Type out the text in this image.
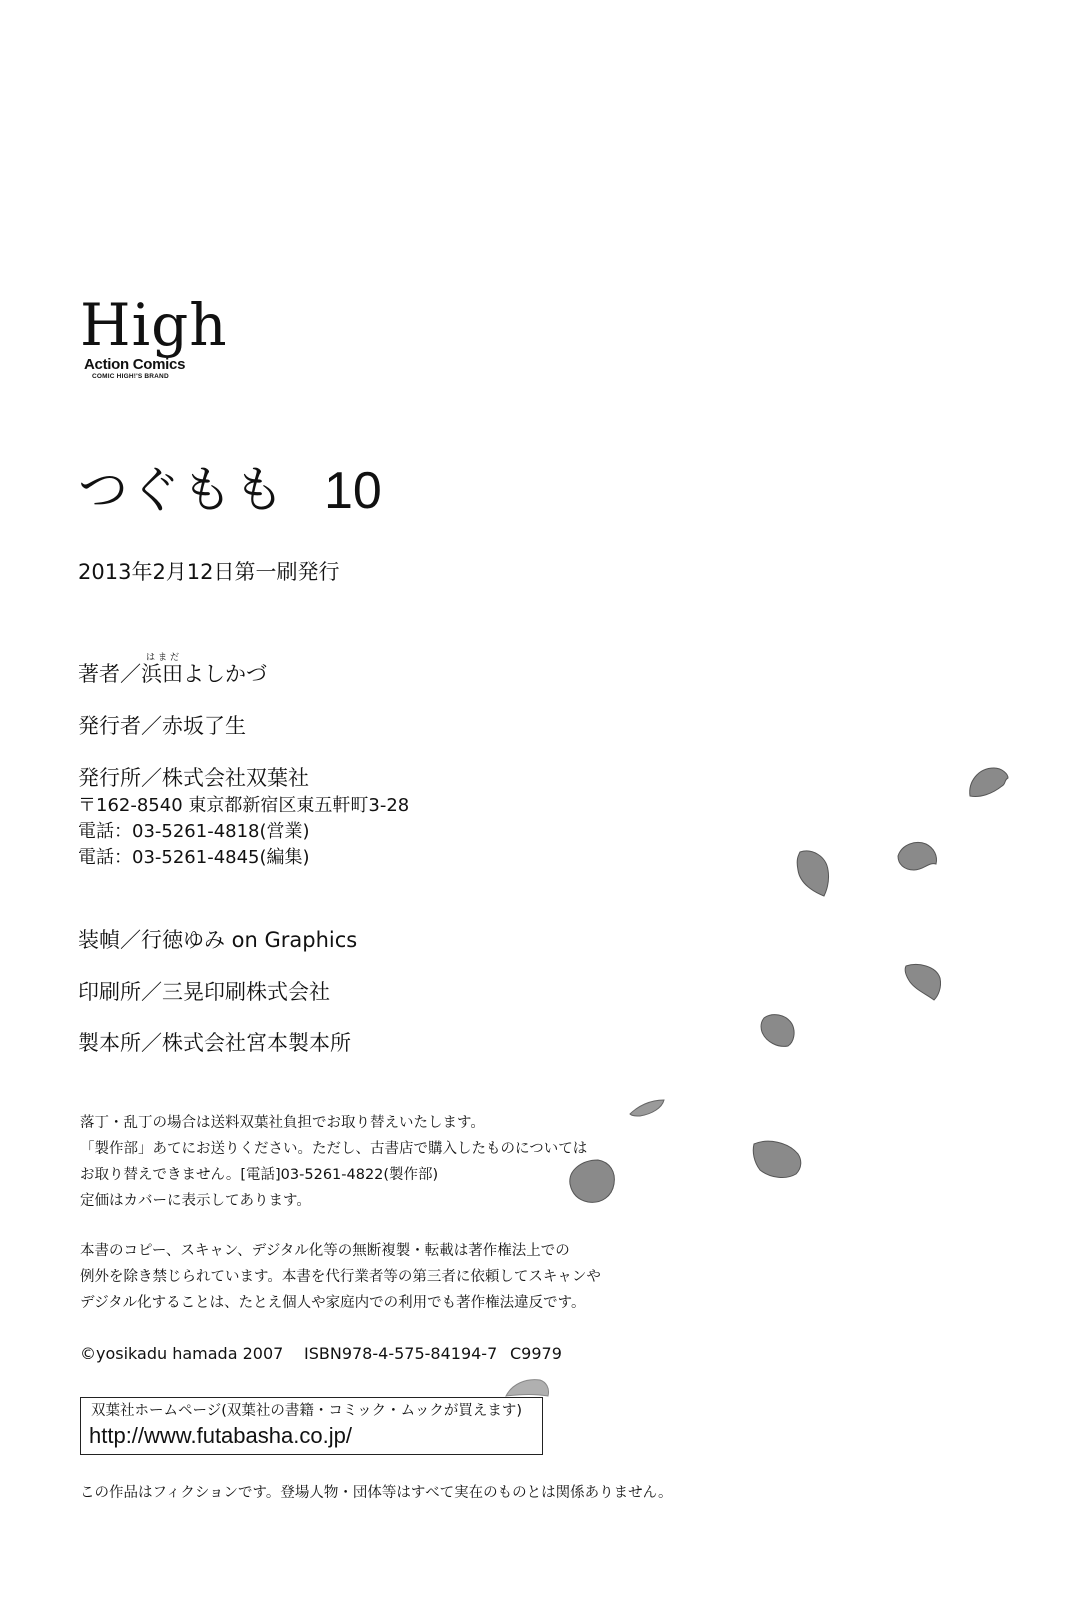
High
Action Comics
COMIC HIGH!'S BRAND
つぐもも 10
2013年2月12日第一刷発行
はまだ
著者／浜田よしかづ
発行者／赤坂了生
発行所／株式会社双葉社
〒162-8540 東京都新宿区東五軒町3-28
電話：03-5261-4818(営業)
電話：03-5261-4845(編集)
装幀／行徳ゆみ on Graphics
印刷所／三晃印刷株式会社
製本所／株式会社宮本製本所
落丁・乱丁の場合は送料双葉社負担でお取り替えいたします。
「製作部」あてにお送りください。ただし、古書店で購入したものについては
お取り替えできません。[電話]03-5261-4822(製作部)
定価はカバーに表示してあります。
本書のコピー、スキャン、デジタル化等の無断複製・転載は著作権法上での
例外を除き禁じられています。本書を代行業者等の第三者に依頼してスキャンや
デジタル化することは、たとえ個人や家庭内での利用でも著作権法違反です。
©yosikadu hamada 2007 ISBN978-4-575-84194-7 C9979
双葉社ホームページ(双葉社の書籍・コミック・ムックが買えます)
http://www.futabasha.co.jp/
この作品はフィクションです。登場人物・団体等はすべて実在のものとは関係ありません。
